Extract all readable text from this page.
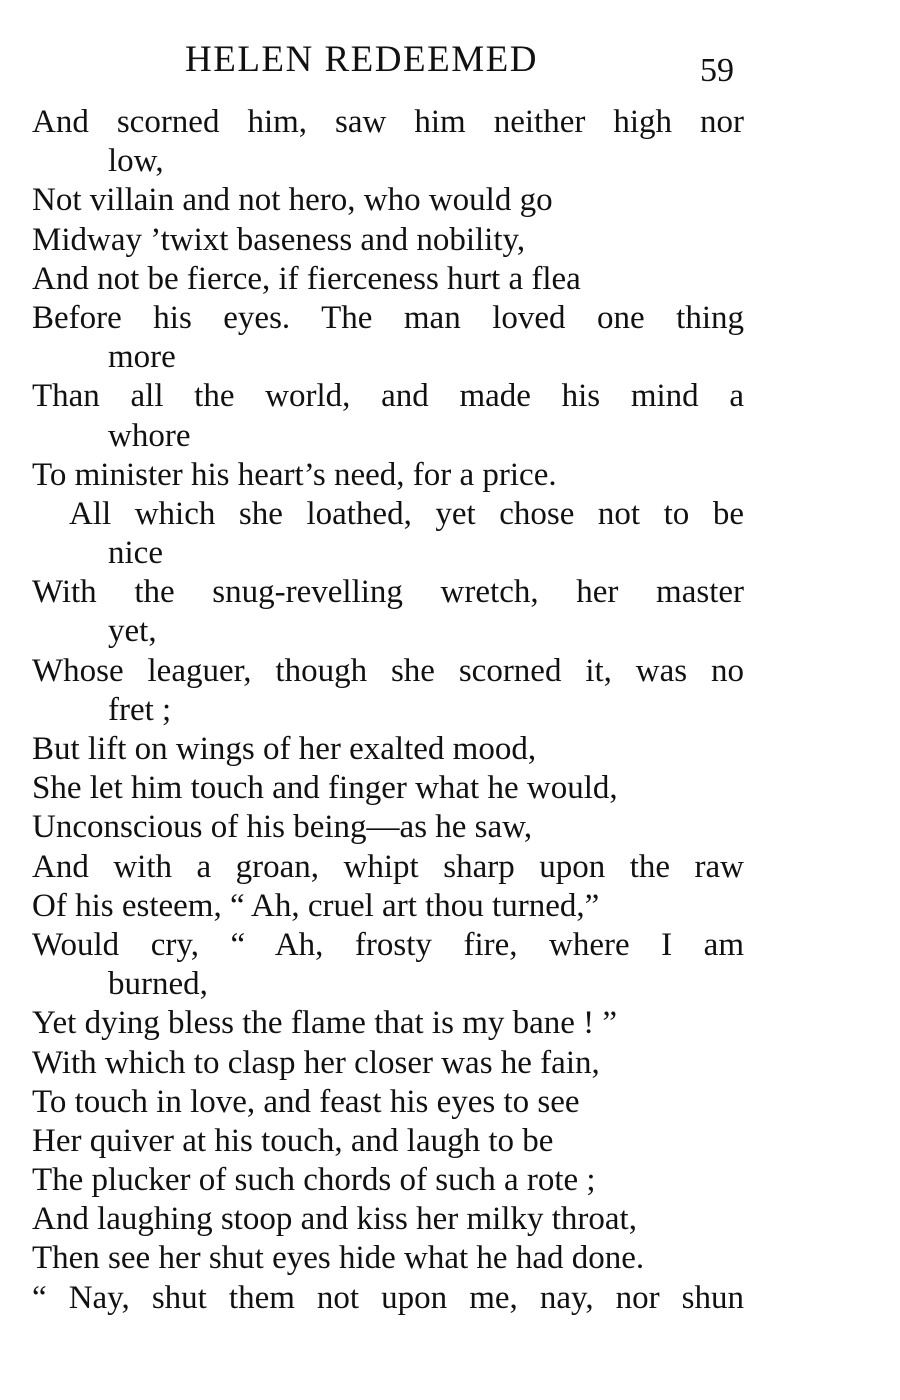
HELEN REDEEMED	59
And scorned him, saw him neither high nor
low,
Not villain and not hero, who would go
Midway ’twixt baseness and nobility,
And not be fierce, if fierceness hurt a flea
Before his eyes. The man loved one thing
more
Than all the world, and made his mind a
whore
To minister his heart’s need, for a price.
All which she loathed, yet chose not to be
nice
With the snug-revelling wretch, her master
yet,
Whose leaguer, though she scorned it, was no
fret ;
But lift on wings of her exalted mood,
She let him touch and finger what he would,
Unconscious of his being—as he saw,
And with a groan, whipt sharp upon the raw
Of his esteem, “ Ah, cruel art thou turned,”
Would cry, “ Ah, frosty fire, where I am
burned,
Yet dying bless the flame that is my bane ! ”
With which to clasp her closer was he fain,
To touch in love, and feast his eyes to see
Her quiver at his touch, and laugh to be
The plucker of such chords of such a rote ;
And laughing stoop and kiss her milky throat,
Then see her shut eyes hide what he had done.
“ Nay, shut them not upon me, nay, nor shun
